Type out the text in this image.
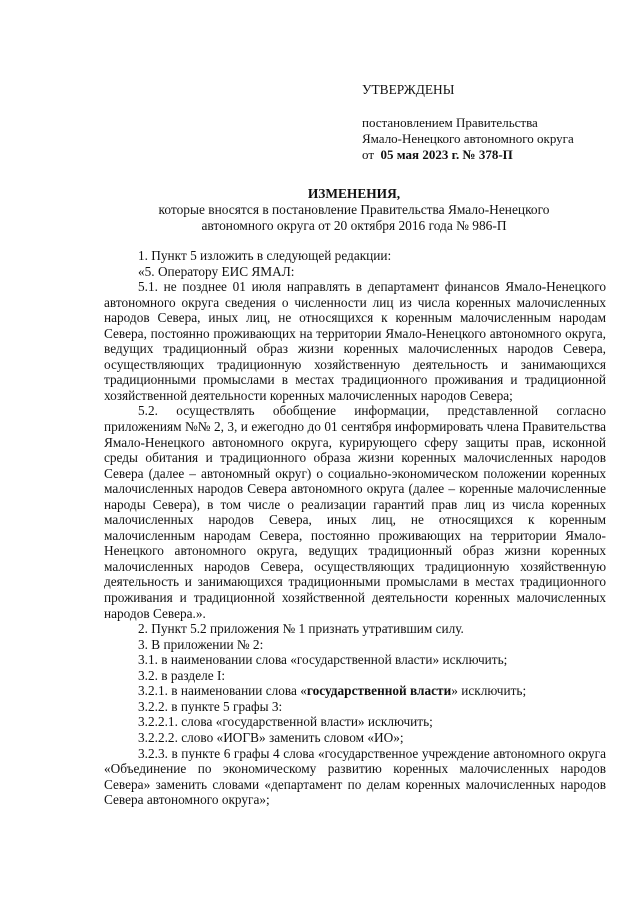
УТВЕРЖДЕНЫ
постановлением Правительства
Ямало-Ненецкого автономного округа
от 05 мая 2023 г. № 378-П
ИЗМЕНЕНИЯ,
которые вносятся в постановление Правительства Ямало-Ненецкого
автономного округа от 20 октября 2016 года № 986-П

1. Пункт 5 изложить в следующей редакции:

«5. Оператору ЕИС ЯМАЛ:

5.1. не позднее 01 июля направлять в департамент финансов Ямало-Ненецкого автономного округа сведения о численности лиц из числа коренных малочисленных народов Севера, иных лиц, не относящихся к коренным малочисленным народам Севера, постоянно проживающих на территории Ямало-Ненецкого автономного округа, ведущих традиционный образ жизни коренных малочисленных народов Севера, осуществляющих традиционную хозяйственную деятельность и занимающихся традиционными промыслами в местах традиционного проживания и традиционной хозяйственной деятельности коренных малочисленных народов Севера;

5.2. осуществлять обобщение информации, представленной согласно приложениям №№ 2, 3, и ежегодно до 01 сентября информировать члена Правительства Ямало-Ненецкого автономного округа, курирующего сферу защиты прав, исконной среды обитания и традиционного образа жизни коренных малочисленных народов Севера (далее – автономный округ) о социально-экономическом положении коренных малочисленных народов Севера автономного округа (далее – коренные малочисленные народы Севера), в том числе о реализации гарантий прав лиц из числа коренных малочисленных народов Севера, иных лиц, не относящихся к коренным малочисленным народам Севера, постоянно проживающих на территории Ямало-Ненецкого автономного округа, ведущих традиционный образ жизни коренных малочисленных народов Севера, осуществляющих традиционную хозяйственную деятельность и занимающихся традиционными промыслами в местах традиционного проживания и традиционной хозяйственной деятельности коренных малочисленных народов Севера.».

2. Пункт 5.2 приложения № 1 признать утратившим силу.

3. В приложении № 2:

3.1. в наименовании слова «государственной власти» исключить;

3.2. в разделе I:

3.2.1. в наименовании слова «государственной власти» исключить;

3.2.2. в пункте 5 графы 3:

3.2.2.1. слова «государственной власти» исключить;

3.2.2.2. слово «ИОГВ» заменить словом «ИО»;

3.2.3. в пункте 6 графы 4 слова «государственное учреждение автономного округа «Объединение по экономическому развитию коренных малочисленных народов Севера» заменить словами «департамент по делам коренных малочисленных народов Севера автономного округа»;
